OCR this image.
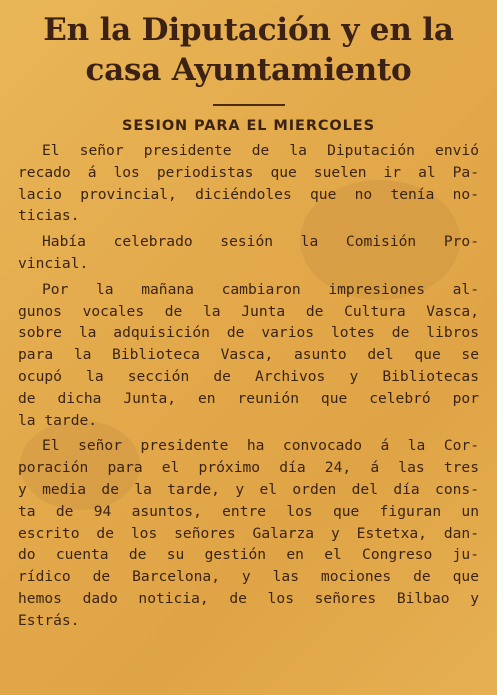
En la Diputación y en la
casa Ayuntamiento
SESION PARA EL MIERCOLES
El señor presidente de la Diputación envió
recado á los periodistas que suelen ir al Pa-
lacio provincial, diciéndoles que no tenía no-
ticias.
Había celebrado sesión la Comisión Pro-
vincial.
Por la mañana cambiaron impresiones al-
gunos vocales de la Junta de Cultura Vasca,
sobre la adquisición de varios lotes de libros
para la Biblioteca Vasca, asunto del que se
ocupó la sección de Archivos y Bibliotecas
de dicha Junta, en reunión que celebró por
la tarde.
El señor presidente ha convocado á la Cor-
poración para el próximo día 24, á las tres
y media de la tarde, y el orden del día cons-
ta de 94 asuntos, entre los que figuran un
escrito de los señores Galarza y Estetxa, dan-
do cuenta de su gestión en el Congreso ju-
rídico de Barcelona, y las mociones de que
hemos dado noticia, de los señores Bilbao y
Estrás.
